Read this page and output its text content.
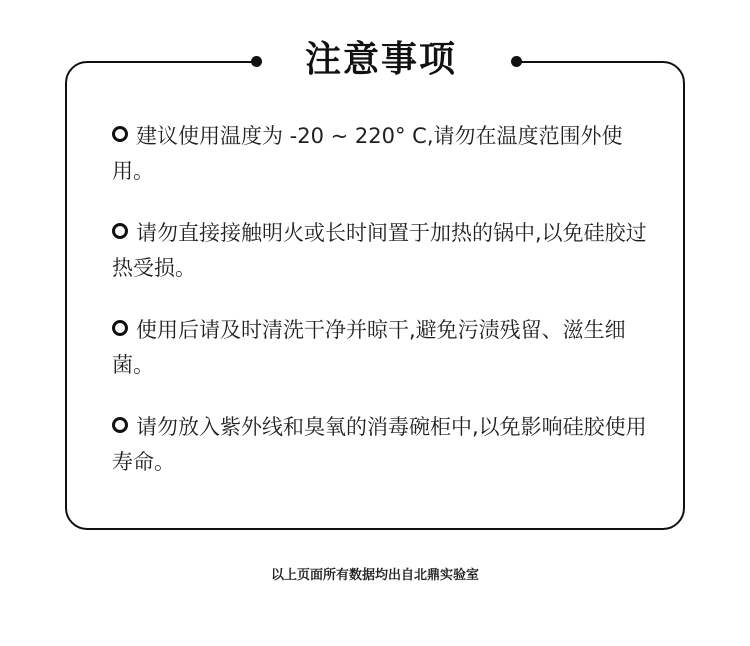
注意事项
建议使用温度为 -20 ~ 220° C,请勿在温度范围外使用。
请勿直接接触明火或长时间置于加热的锅中,以免硅胶过热受损。
使用后请及时清洗干净并晾干,避免污渍残留、滋生细菌。
请勿放入紫外线和臭氧的消毒碗柜中,以免影响硅胶使用寿命。
以上页面所有数据均出自北鼎实验室
